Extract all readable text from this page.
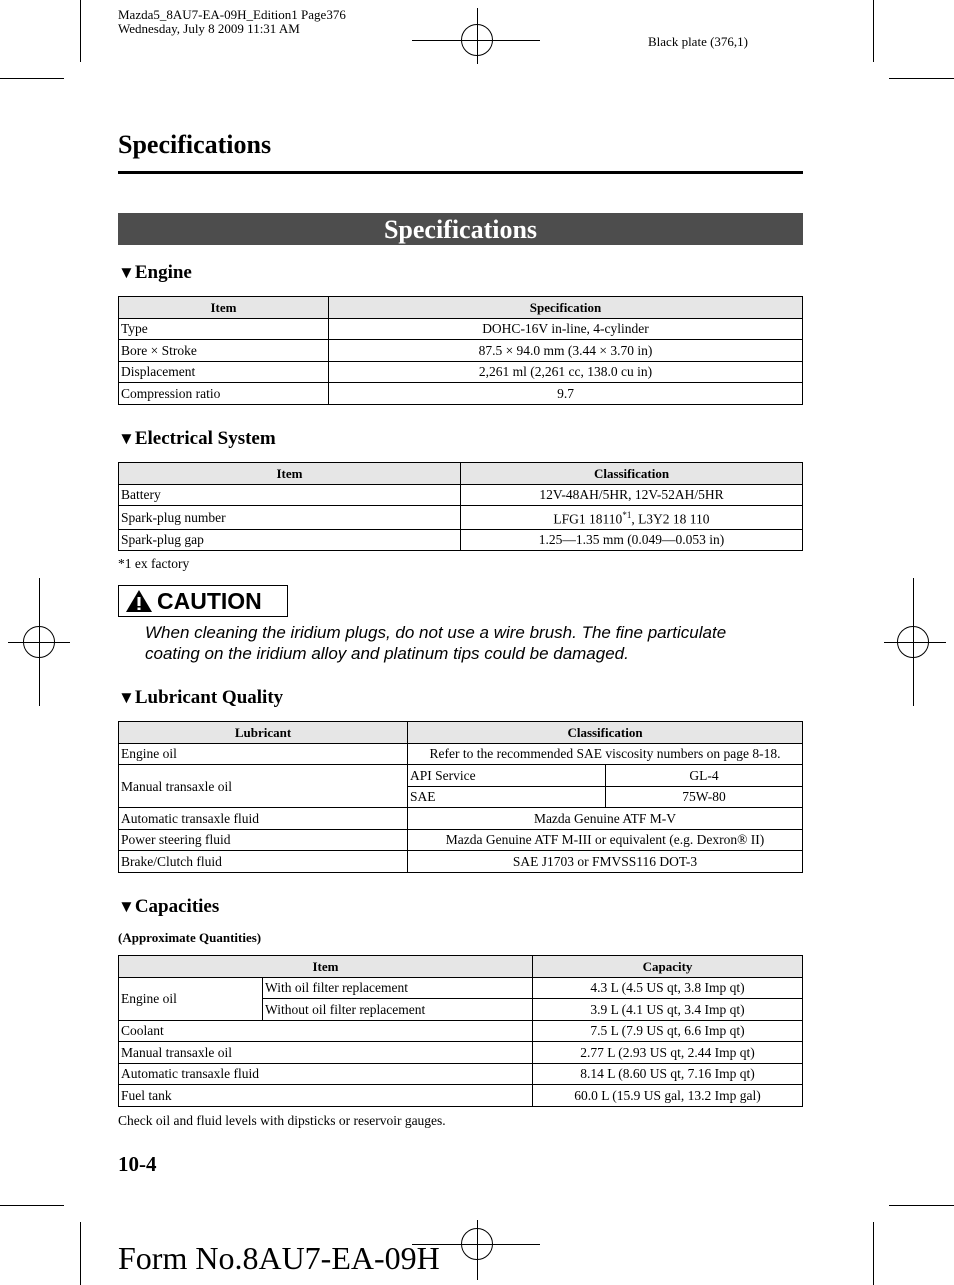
Mazda5_8AU7-EA-09H_Edition1 Page376
Wednesday, July 8 2009 11:31 AM
Black plate (376,1)
Specifications
Specifications
▼Engine
Item	Specification
Type	DOHC-16V in-line, 4-cylinder
Bore × Stroke	87.5 × 94.0 mm (3.44 × 3.70 in)
Displacement	2,261 ml (2,261 cc, 138.0 cu in)
Compression ratio	9.7
▼Electrical System
Item	Classification
Battery	12V-48AH/5HR, 12V-52AH/5HR
Spark-plug number	LFG1 18110$^{*1}$, L3Y2 18 110
Spark-plug gap	1.25―1.35 mm (0.049―0.053 in)
*1 ex factory
CAUTION
When cleaning the iridium plugs, do not use a wire brush. The fine particulate coating on the iridium alloy and platinum tips could be damaged.
▼Lubricant Quality
Lubricant	Classification	
Engine oil	Refer to the recommended SAE viscosity numbers on page 8-18.	
Manual transaxle oil	API Service	GL-4
	SAE	75W-80
Automatic transaxle fluid	Mazda Genuine ATF M-V	
Power steering fluid	Mazda Genuine ATF M-III or equivalent (e.g. Dexron® II)	
Brake/Clutch fluid	SAE J1703 or FMVSS116 DOT-3	
▼Capacities
(Approximate Quantities)
Item		Capacity
Engine oil	With oil filter replacement	4.3 L (4.5 US qt, 3.8 Imp qt)
	Without oil filter replacement	3.9 L (4.1 US qt, 3.4 Imp qt)
Coolant		7.5 L (7.9 US qt, 6.6 Imp qt)
Manual transaxle oil		2.77 L (2.93 US qt, 2.44 Imp qt)
Automatic transaxle fluid		8.14 L (8.60 US qt, 7.16 Imp qt)
Fuel tank		60.0 L (15.9 US gal, 13.2 Imp gal)
Check oil and fluid levels with dipsticks or reservoir gauges.
10-4
Form No.8AU7-EA-09H
